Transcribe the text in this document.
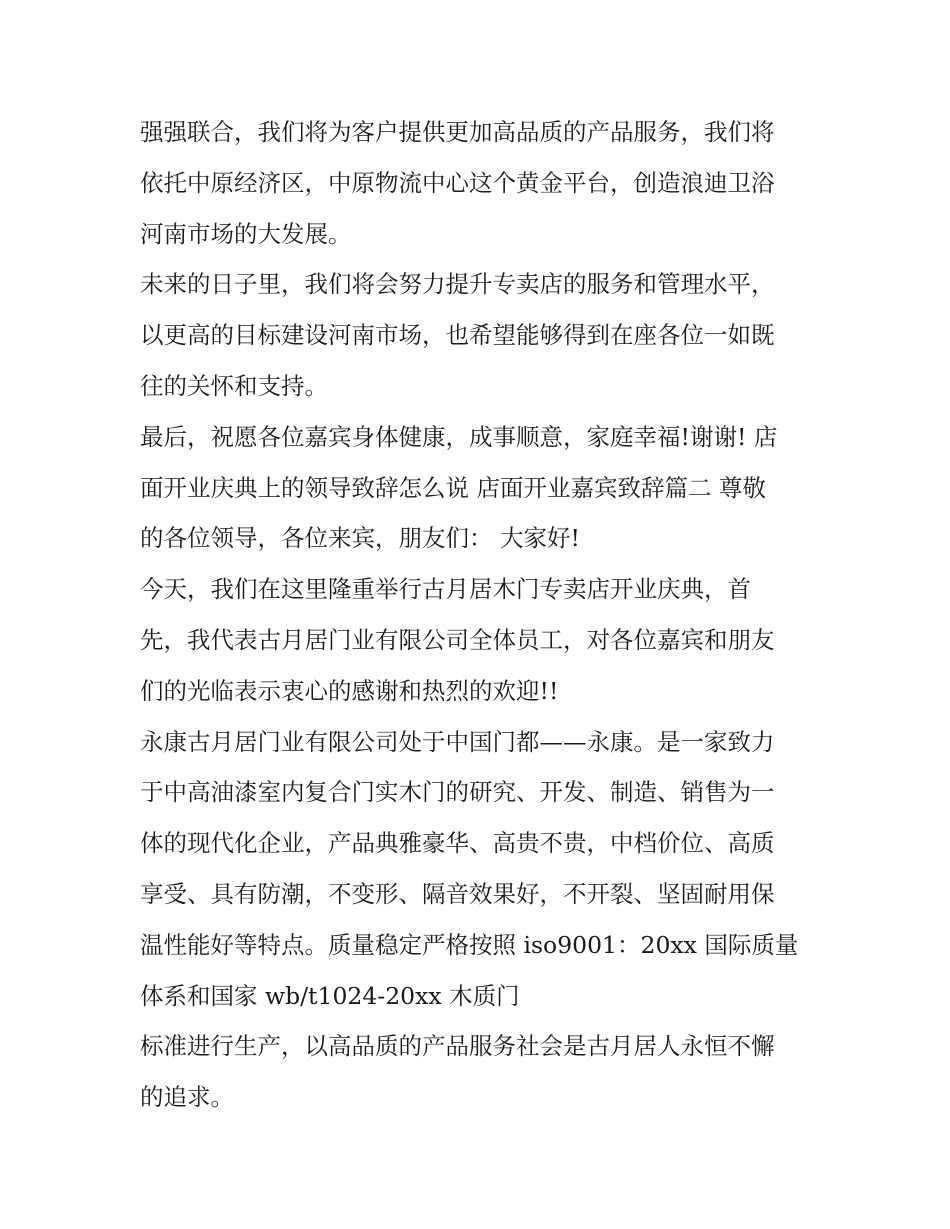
强强联合，我们将为客户提供更加高品质的产品服务，我们将
依托中原经济区，中原物流中心这个黄金平台，创造浪迪卫浴
河南市场的大发展。

未来的日子里，我们将会努力提升专卖店的服务和管理水平，
以更高的目标建设河南市场，也希望能够得到在座各位一如既
往的关怀和支持。

最后，祝愿各位嘉宾身体健康，成事顺意，家庭幸福!谢谢! 店
面开业庆典上的领导致辞怎么说 店面开业嘉宾致辞篇二 尊敬
的各位领导，各位来宾，朋友们： 大家好!

今天，我们在这里隆重举行古月居木门专卖店开业庆典，首
先，我代表古月居门业有限公司全体员工，对各位嘉宾和朋友
们的光临表示衷心的感谢和热烈的欢迎!!

永康古月居门业有限公司处于中国门都——永康。是一家致力
于中高油漆室内复合门实木门的研究、开发、制造、销售为一
体的现代化企业，产品典雅豪华、高贵不贵，中档价位、高质
享受、具有防潮，不变形、隔音效果好，不开裂、坚固耐用保
温性能好等特点。质量稳定严格按照 iso9001：20xx 国际质量
体系和国家 wb/t1024-20xx 木质门

标准进行生产，以高品质的产品服务社会是古月居人永恒不懈
的追求。
